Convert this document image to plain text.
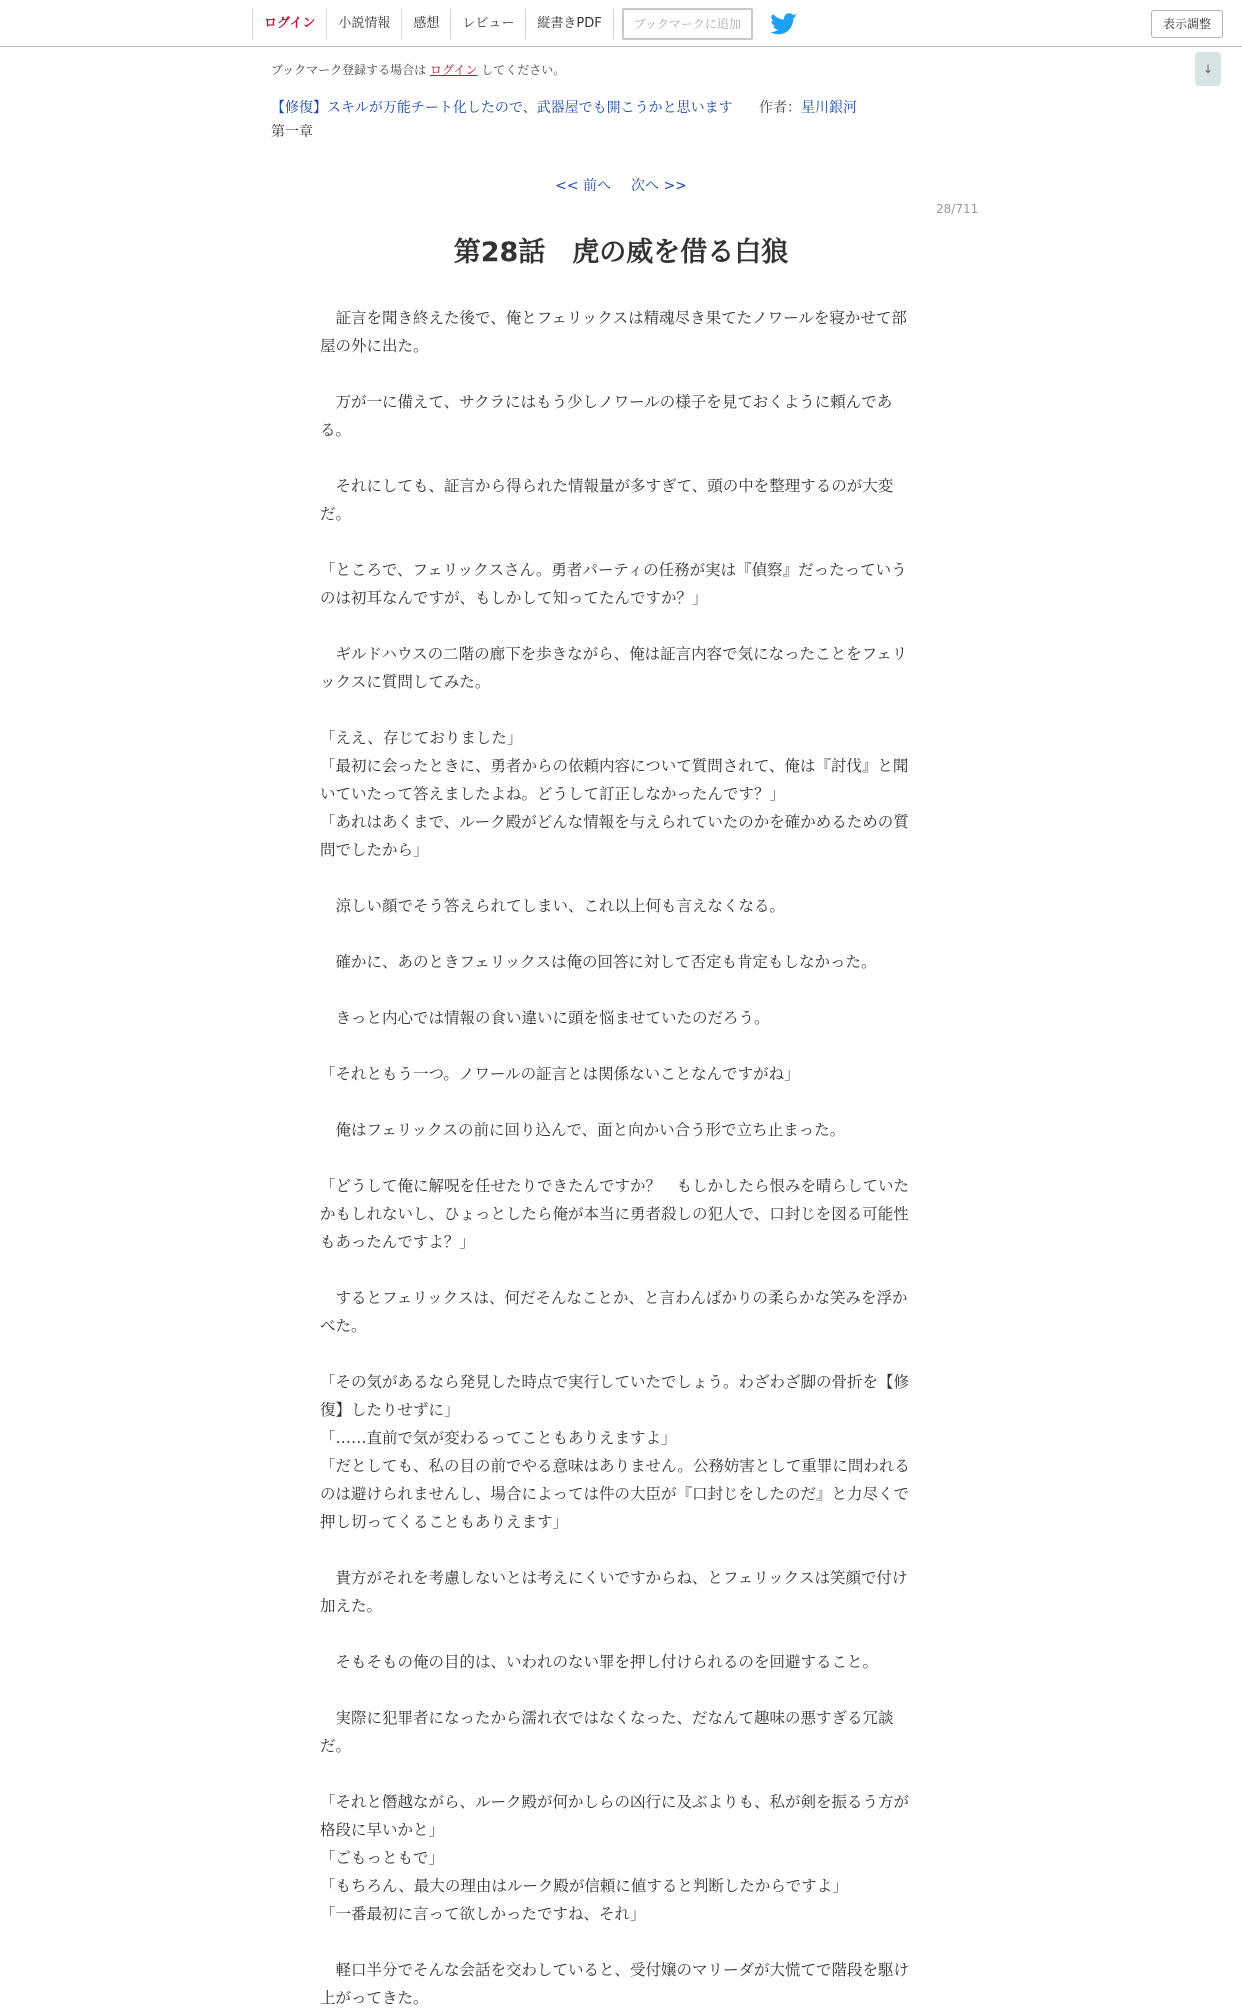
ログイン	小説情報	感想	レビュー	縦書きPDF	ブックマークに追加	表示調整
↓
ブックマーク登録する場合は ログイン してください。
【修復】スキルが万能チート化したので、武器屋でも開こうかと思います 作者：星川銀河
第一章
<< 前へ 次へ >>
28/711
第28話　虎の威を借る白狼

　証言を聞き終えた後で、俺とフェリックスは精魂尽き果てたノワールを寝かせて部屋の外に出た。

　万が一に備えて、サクラにはもう少しノワールの様子を見ておくように頼んである。

　それにしても、証言から得られた情報量が多すぎて、頭の中を整理するのが大変だ。

「ところで、フェリックスさん。勇者パーティの任務が実は『偵察』だったっていうのは初耳なんですが、もしかして知ってたんですか？」

　ギルドハウスの二階の廊下を歩きながら、俺は証言内容で気になったことをフェリックスに質問してみた。

「ええ、存じておりました」

「最初に会ったときに、勇者からの依頼内容について質問されて、俺は『討伐』と聞いていたって答えましたよね。どうして訂正しなかったんです？」

「あれはあくまで、ルーク殿がどんな情報を与えられていたのかを確かめるための質問でしたから」

　涼しい顔でそう答えられてしまい、これ以上何も言えなくなる。

　確かに、あのときフェリックスは俺の回答に対して否定も肯定もしなかった。

　きっと内心では情報の食い違いに頭を悩ませていたのだろう。

「それともう一つ。ノワールの証言とは関係ないことなんですがね」

　俺はフェリックスの前に回り込んで、面と向かい合う形で立ち止まった。

「どうして俺に解呪を任せたりできたんですか？　もしかしたら恨みを晴らしていたかもしれないし、ひょっとしたら俺が本当に勇者殺しの犯人で、口封じを図る可能性もあったんですよ？」

　するとフェリックスは、何だそんなことか、と言わんばかりの柔らかな笑みを浮かべた。

「その気があるなら発見した時点で実行していたでしょう。わざわざ脚の骨折を【修復】したりせずに」

「……直前で気が変わるってこともありえますよ」

「だとしても、私の目の前でやる意味はありません。公務妨害として重罪に問われるのは避けられませんし、場合によっては件の大臣が『口封じをしたのだ』と力尽くで押し切ってくることもありえます」

　貴方がそれを考慮しないとは考えにくいですからね、とフェリックスは笑顔で付け加えた。

　そもそもの俺の目的は、いわれのない罪を押し付けられるのを回避すること。

　実際に犯罪者になったから濡れ衣ではなくなった、だなんて趣味の悪すぎる冗談だ。

「それと僭越ながら、ルーク殿が何かしらの凶行に及ぶよりも、私が剣を振るう方が格段に早いかと」

「ごもっともで」

「もちろん、最大の理由はルーク殿が信頼に値すると判断したからですよ」

「一番最初に言って欲しかったですね、それ」

　軽口半分でそんな会話を交わしていると、受付嬢のマリーダが大慌てで階段を駆け上がってきた。
